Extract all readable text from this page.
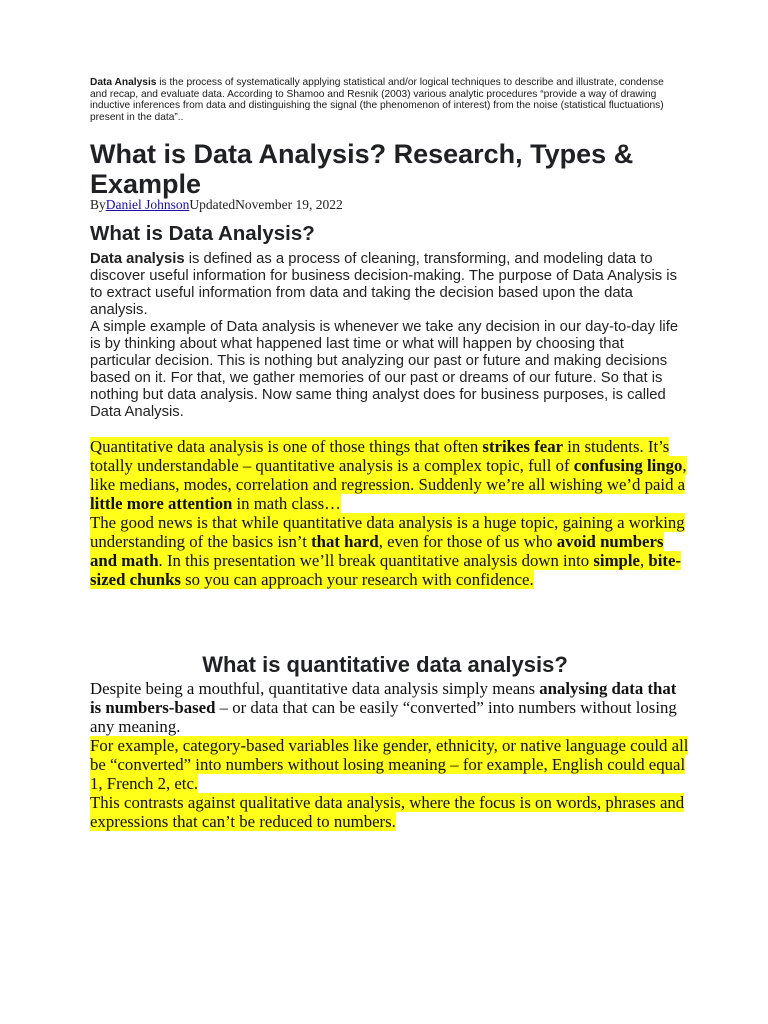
Data Analysis is the process of systematically applying statistical and/or logical techniques to describe and illustrate, condense and recap, and evaluate data. According to Shamoo and Resnik (2003) various analytic procedures “provide a way of drawing inductive inferences from data and distinguishing the signal (the phenomenon of interest) from the noise (statistical fluctuations) present in the data”..

What is Data Analysis? Research, Types & Example

ByDaniel JohnsonUpdatedNovember 19, 2022

What is Data Analysis?

Data analysis is defined as a process of cleaning, transforming, and modeling data to discover useful information for business decision-making. The purpose of Data Analysis is to extract useful information from data and taking the decision based upon the data analysis.

A simple example of Data analysis is whenever we take any decision in our day-to-day life is by thinking about what happened last time or what will happen by choosing that particular decision. This is nothing but analyzing our past or future and making decisions based on it. For that, we gather memories of our past or dreams of our future. So that is nothing but data analysis. Now same thing analyst does for business purposes, is called Data Analysis.

Quantitative data analysis is one of those things that often strikes fear in students. It’s totally understandable – quantitative analysis is a complex topic, full of confusing lingo, like medians, modes, correlation and regression. Suddenly we’re all wishing we’d paid a little more attention in math class…

The good news is that while quantitative data analysis is a huge topic, gaining a working understanding of the basics isn’t that hard, even for those of us who avoid numbers and math. In this presentation we’ll break quantitative analysis down into simple, bite-sized chunks so you can approach your research with confidence.

What is quantitative data analysis?

Despite being a mouthful, quantitative data analysis simply means analysing data that is numbers-based – or data that can be easily “converted” into numbers without losing any meaning.

For example, category-based variables like gender, ethnicity, or native language could all be “converted” into numbers without losing meaning – for example, English could equal 1, French 2, etc.

This contrasts against qualitative data analysis, where the focus is on words, phrases and expressions that can’t be reduced to numbers.
